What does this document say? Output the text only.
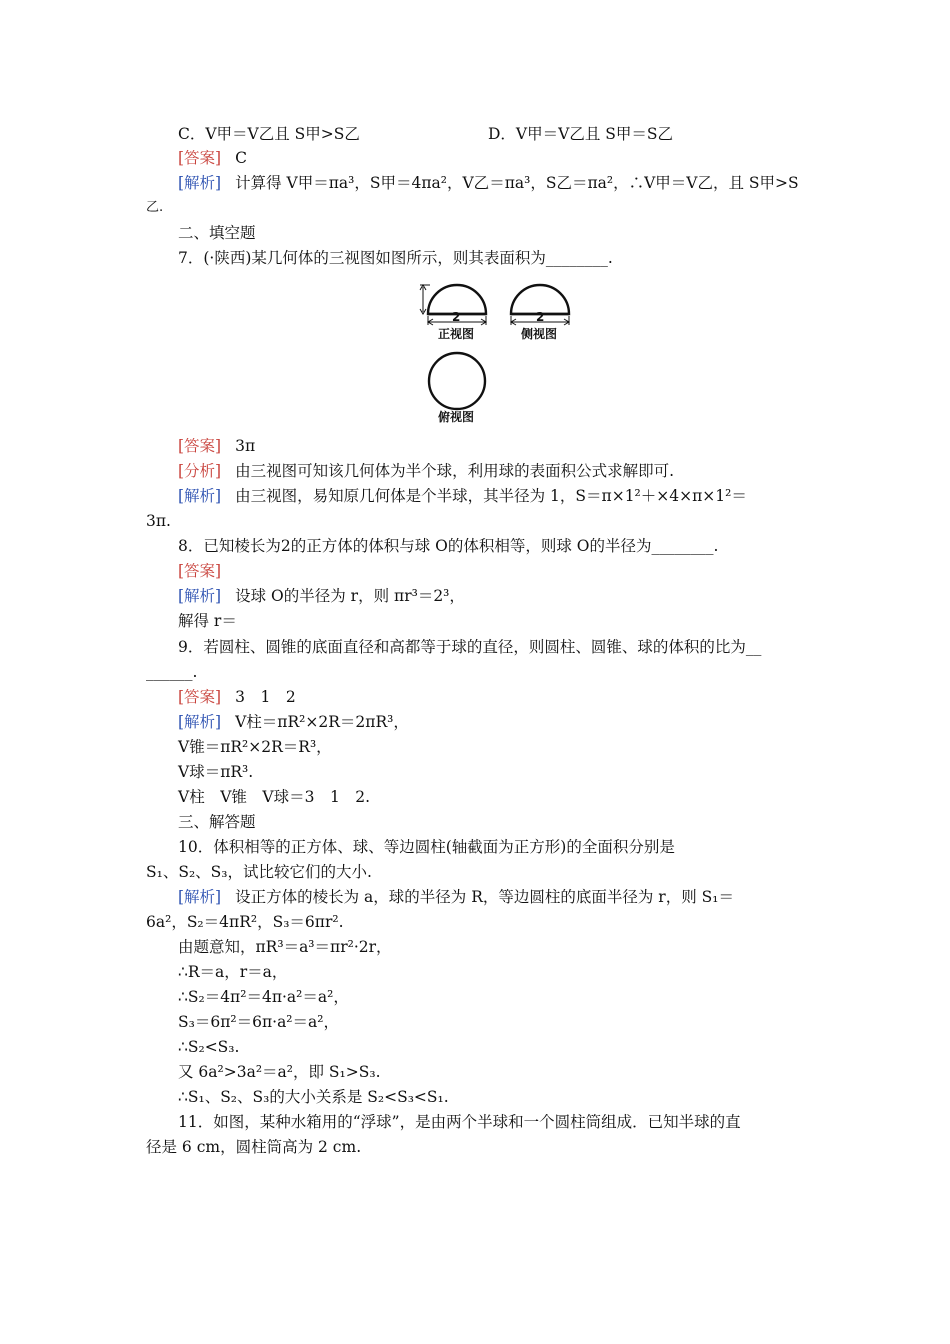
C．V甲＝V乙且 S甲>S乙	D．V甲＝V乙且 S甲＝S乙
[答案] C
[解析] 计算得 V甲＝πa³，S甲＝4πa²，V乙＝πa³，S乙＝πa²，∴V甲＝V乙，且 S甲>S
乙.
二、填空题
7．(·陕西)某几何体的三视图如图所示，则其表面积为________.
2	2
正视图	侧视图
俯视图
[答案] 3π
[分析] 由三视图可知该几何体为半个球，利用球的表面积公式求解即可.
[解析] 由三视图，易知原几何体是个半球，其半径为 1，S＝π×1²＋×4×π×1²＝
3π.
8．已知棱长为2的正方体的体积与球 O的体积相等，则球 O的半径为________.
[答案]
[解析] 设球 O的半径为 r，则 πr³＝2³，
解得 r＝
9．若圆柱、圆锥的底面直径和高都等于球的直径，则圆柱、圆锥、球的体积的比为__
______.
[答案] 3　1　2
[解析] V柱＝πR²×2R＝2πR³，
V锥＝πR²×2R＝R³，
V球＝πR³.
V柱　V锥　V球＝3　1　2.
三、解答题
10．体积相等的正方体、球、等边圆柱(轴截面为正方形)的全面积分别是
S₁、S₂、S₃，试比较它们的大小.
[解析] 设正方体的棱长为 a，球的半径为 R，等边圆柱的底面半径为 r，则 S₁＝
6a²，S₂＝4πR²，S₃＝6πr².
由题意知，πR³＝a³＝πr²·2r，
∴R＝a，r＝a，
∴S₂＝4π²＝4π·a²＝a²，
S₃＝6π²＝6π·a²＝a²，
∴S₂<S₃.
又 6a²>3a²＝a²，即 S₁>S₃.
∴S₁、S₂、S₃的大小关系是 S₂<S₃<S₁.
11．如图，某种水箱用的“浮球”，是由两个半球和一个圆柱筒组成．已知半球的直
径是 6 cm，圆柱筒高为 2 cm.
